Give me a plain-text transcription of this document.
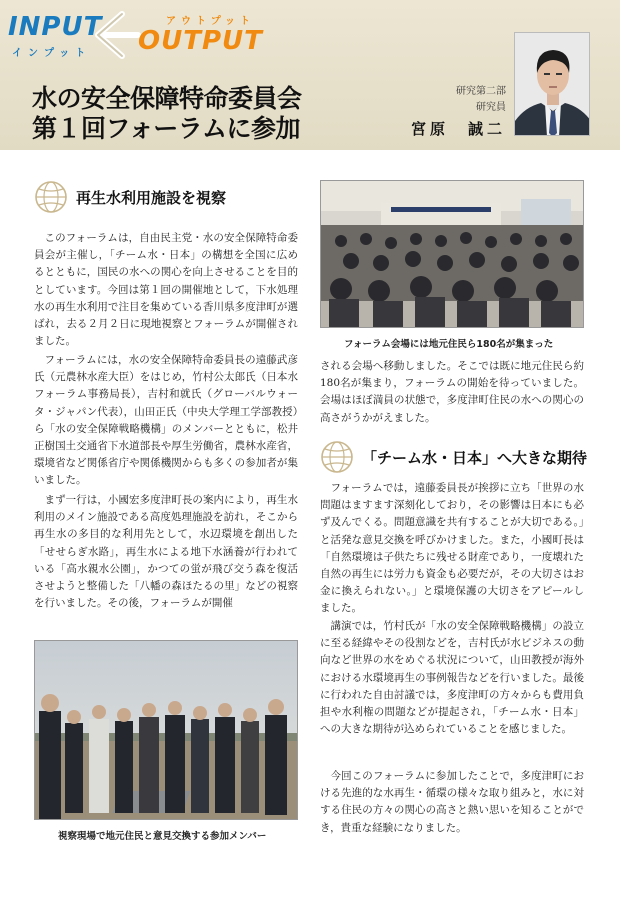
INPUT
インプット
アウトプット
OUTPUT
水の安全保障特命委員会
第１回フォーラムに参加
研究第二部
研究員
宮原　誠二
再生水利用施設を視察

このフォーラムは，自由民主党・水の安全保障特命委員会が主催し，「チーム水・日本」の構想を全国に広めるとともに，国民の水への関心を向上させることを目的としています。今回は第１回の開催地として，下水処理水の再生水利用で注目を集めている香川県多度津町が選ばれ，去る２月２日に現地視察とフォーラムが開催されました。

フォーラムには，水の安全保障特命委員長の遠藤武彦氏（元農林水産大臣）をはじめ，竹村公太郎氏（日本水フォーラム事務局長），吉村和就氏（グローバルウォータ・ジャパン代表），山田正氏（中央大学理工学部教授）ら「水の安全保障戦略機構」のメンバーとともに，松井正樹国土交通省下水道部長や厚生労働省，農林水産省，環境省など関係省庁や関係機関からも多くの参加者が集いました。

まず一行は，小國宏多度津町長の案内により，再生水利用のメイン施設である高度処理施設を訪れ，そこから再生水の多目的な利用先として，水辺環境を創出した「せせらぎ水路」，再生水による地下水涵養が行われている「高水親水公園」，かつての蛍が飛び交う森を復活させようと整備した「八幡の森ほたるの里」などの視察を行いました。その後，フォーラムが開催

視察現場で地元住民と意見交換する参加メンバー
フォーラム会場には地元住民ら180名が集まった

される会場へ移動しました。そこでは既に地元住民ら約180名が集まり，フォーラムの開始を待っていました。会場はほぼ満員の状態で，多度津町住民の水への関心の高さがうかがえました。

「チーム水・日本」へ大きな期待

フォーラムでは，遠藤委員長が挨拶に立ち「世界の水問題はますます深刻化しており，その影響は日本にも必ず及んでくる。問題意識を共有することが大切である。」と活発な意見交換を呼びかけました。また，小國町長は「自然環境は子供たちに残せる財産であり，一度壊れた自然の再生には労力も資金も必要だが，その大切さはお金に換えられない。」と環境保護の大切さをアピールしました。

講演では，竹村氏が「水の安全保障戦略機構」の設立に至る経緯やその役割などを，吉村氏が水ビジネスの動向など世界の水をめぐる状況について，山田教授が海外における水環境再生の事例報告などを行いました。最後に行われた自由討議では，多度津町の方々からも費用負担や水利権の問題などが提起され，「チーム水・日本」への大きな期待が込められていることを感じました。

今回このフォーラムに参加したことで，多度津町における先進的な水再生・循環の様々な取り組みと，水に対する住民の方々の関心の高さと熱い思いを知ることができ，貴重な経験になりました。
